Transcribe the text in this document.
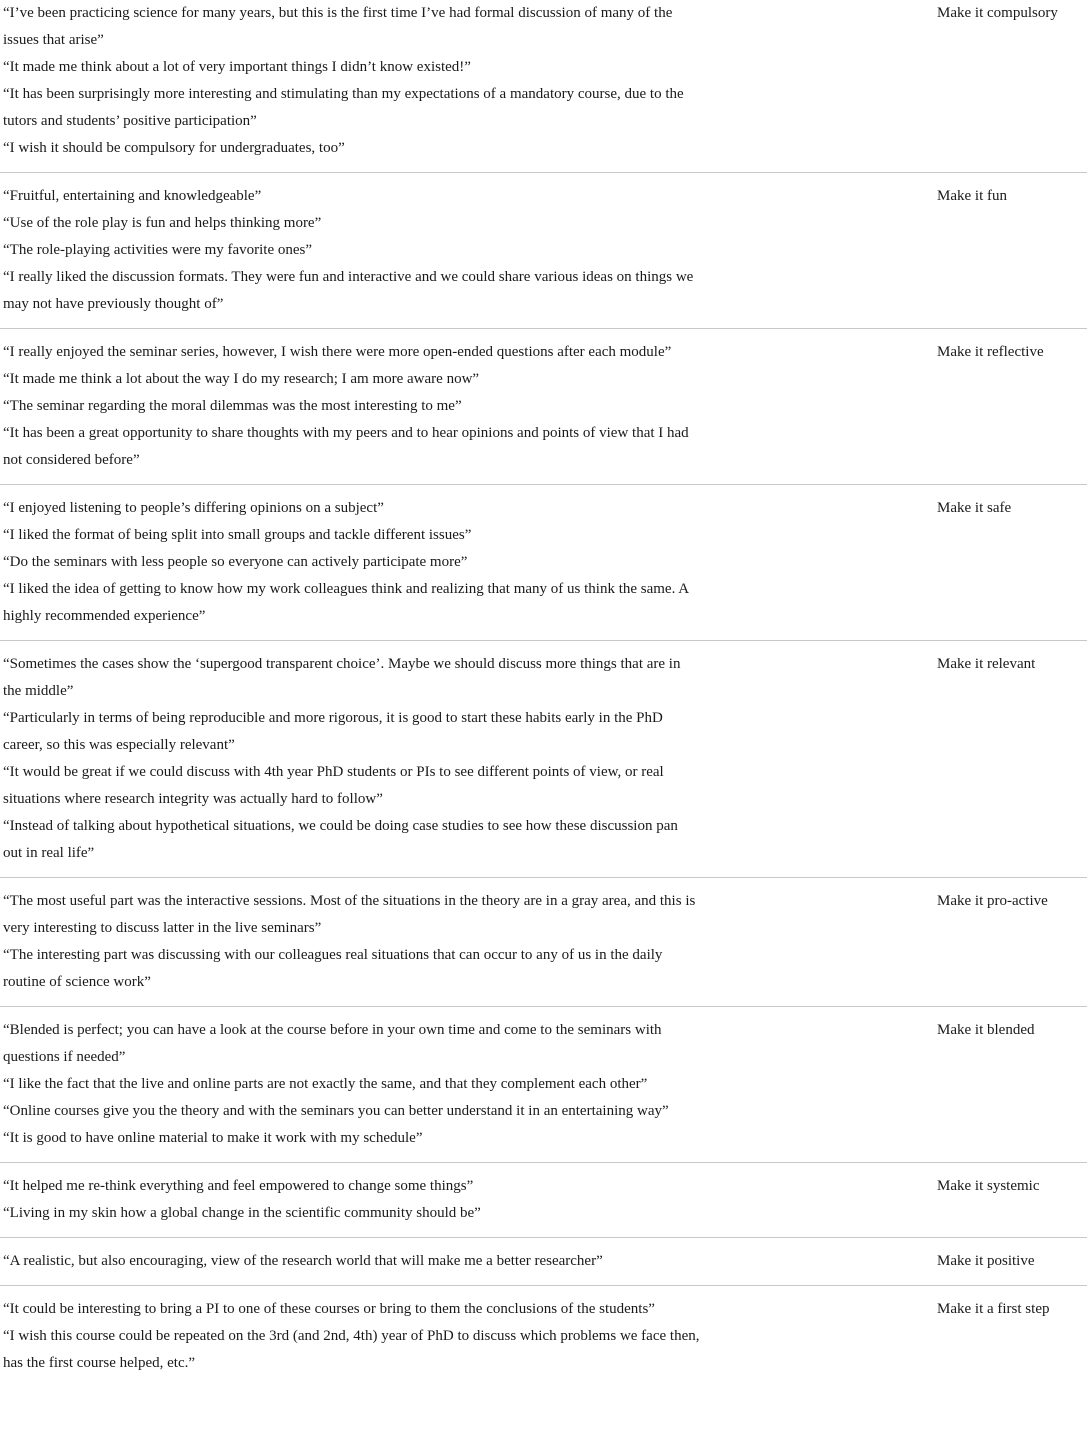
“I’ve been practicing science for many years, but this is the first time I’ve had formal discussion of many of the issues that arise”

“It made me think about a lot of very important things I didn’t know existed!”

“It has been surprisingly more interesting and stimulating than my expectations of a mandatory course, due to the tutors and students’ positive participation”

“I wish it should be compulsory for undergraduates, too”

Make it compulsory

“Fruitful, entertaining and knowledgeable”

“Use of the role play is fun and helps thinking more”

“The role-playing activities were my favorite ones”

“I really liked the discussion formats. They were fun and interactive and we could share various ideas on things we may not have previously thought of”

Make it fun

“I really enjoyed the seminar series, however, I wish there were more open-ended questions after each module”

“It made me think a lot about the way I do my research; I am more aware now”

“The seminar regarding the moral dilemmas was the most interesting to me”

“It has been a great opportunity to share thoughts with my peers and to hear opinions and points of view that I had not considered before”

Make it reflective

“I enjoyed listening to people’s differing opinions on a subject”

“I liked the format of being split into small groups and tackle different issues”

“Do the seminars with less people so everyone can actively participate more”

“I liked the idea of getting to know how my work colleagues think and realizing that many of us think the same. A highly recommended experience”

Make it safe

“Sometimes the cases show the ‘supergood transparent choice’. Maybe we should discuss more things that are in the middle”

“Particularly in terms of being reproducible and more rigorous, it is good to start these habits early in the PhD career, so this was especially relevant”

“It would be great if we could discuss with 4th year PhD students or PIs to see different points of view, or real situations where research integrity was actually hard to follow”

“Instead of talking about hypothetical situations, we could be doing case studies to see how these discussion pan out in real life”

Make it relevant

“The most useful part was the interactive sessions. Most of the situations in the theory are in a gray area, and this is very interesting to discuss latter in the live seminars”

“The interesting part was discussing with our colleagues real situations that can occur to any of us in the daily routine of science work”

Make it pro-active

“Blended is perfect; you can have a look at the course before in your own time and come to the seminars with questions if needed”

“I like the fact that the live and online parts are not exactly the same, and that they complement each other”

“Online courses give you the theory and with the seminars you can better understand it in an entertaining way”

“It is good to have online material to make it work with my schedule”

Make it blended

“It helped me re-think everything and feel empowered to change some things”

“Living in my skin how a global change in the scientific community should be”

Make it systemic

“A realistic, but also encouraging, view of the research world that will make me a better researcher”	Make it positive

“It could be interesting to bring a PI to one of these courses or bring to them the conclusions of the students”

“I wish this course could be repeated on the 3rd (and 2nd, 4th) year of PhD to discuss which problems we face then, has the first course helped, etc.”

Make it a first step
